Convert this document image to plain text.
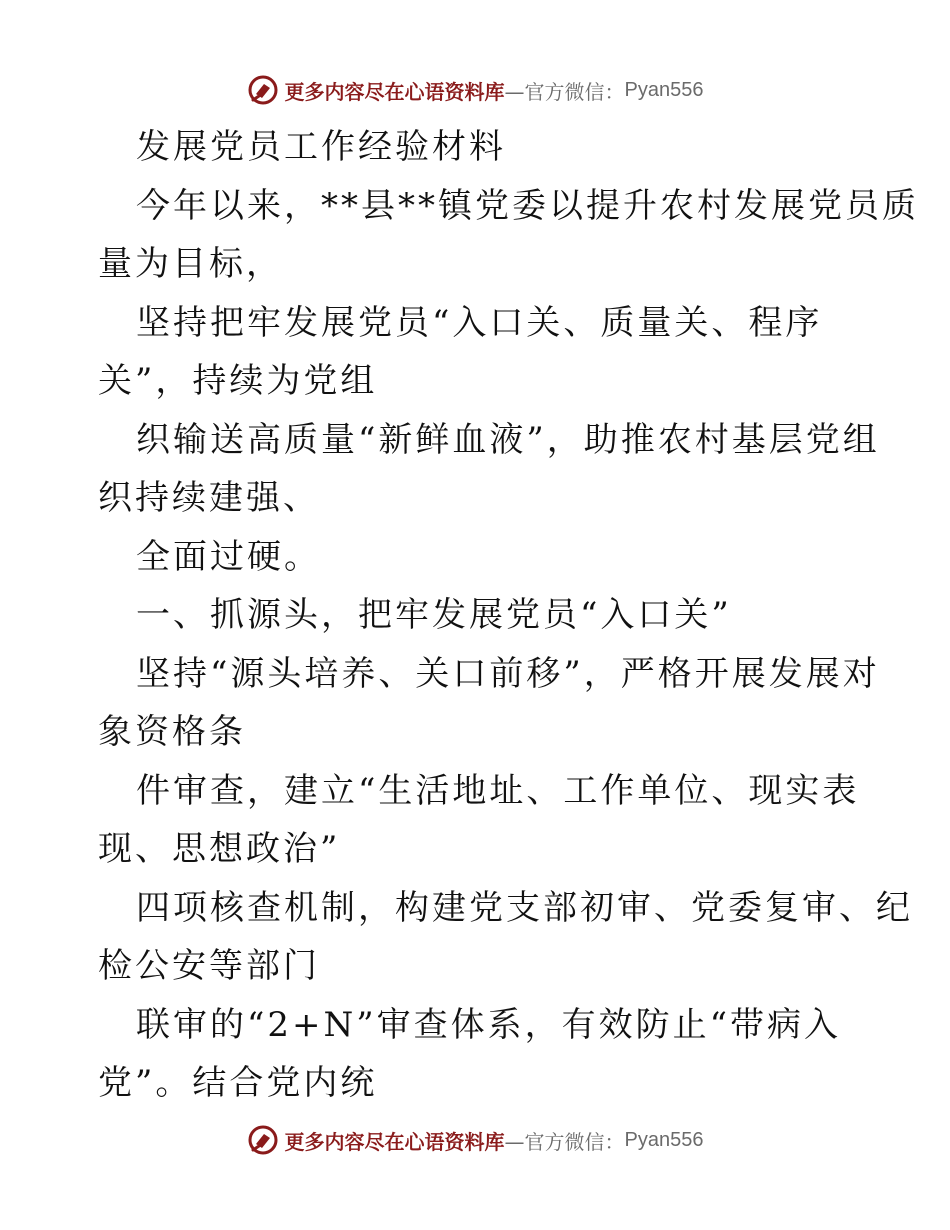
更多内容尽在心语资料库 —官方微信： Pyan556
发展党员工作经验材料
今年以来，**县**镇党委以提升农村发展党员质
量为目标，
坚持把牢发展党员“入口关、质量关、程序
关”，持续为党组
织输送高质量“新鲜血液”，助推农村基层党组
织持续建强、
全面过硬。
一、抓源头，把牢发展党员“入口关”
坚持“源头培养、关口前移”，严格开展发展对
象资格条
件审查，建立“生活地址、工作单位、现实表
现、思想政治”
四项核查机制，构建党支部初审、党委复审、纪
检公安等部门
联审的“2+N”审查体系，有效防止“带病入
党”。结合党内统
更多内容尽在心语资料库 —官方微信： Pyan556
